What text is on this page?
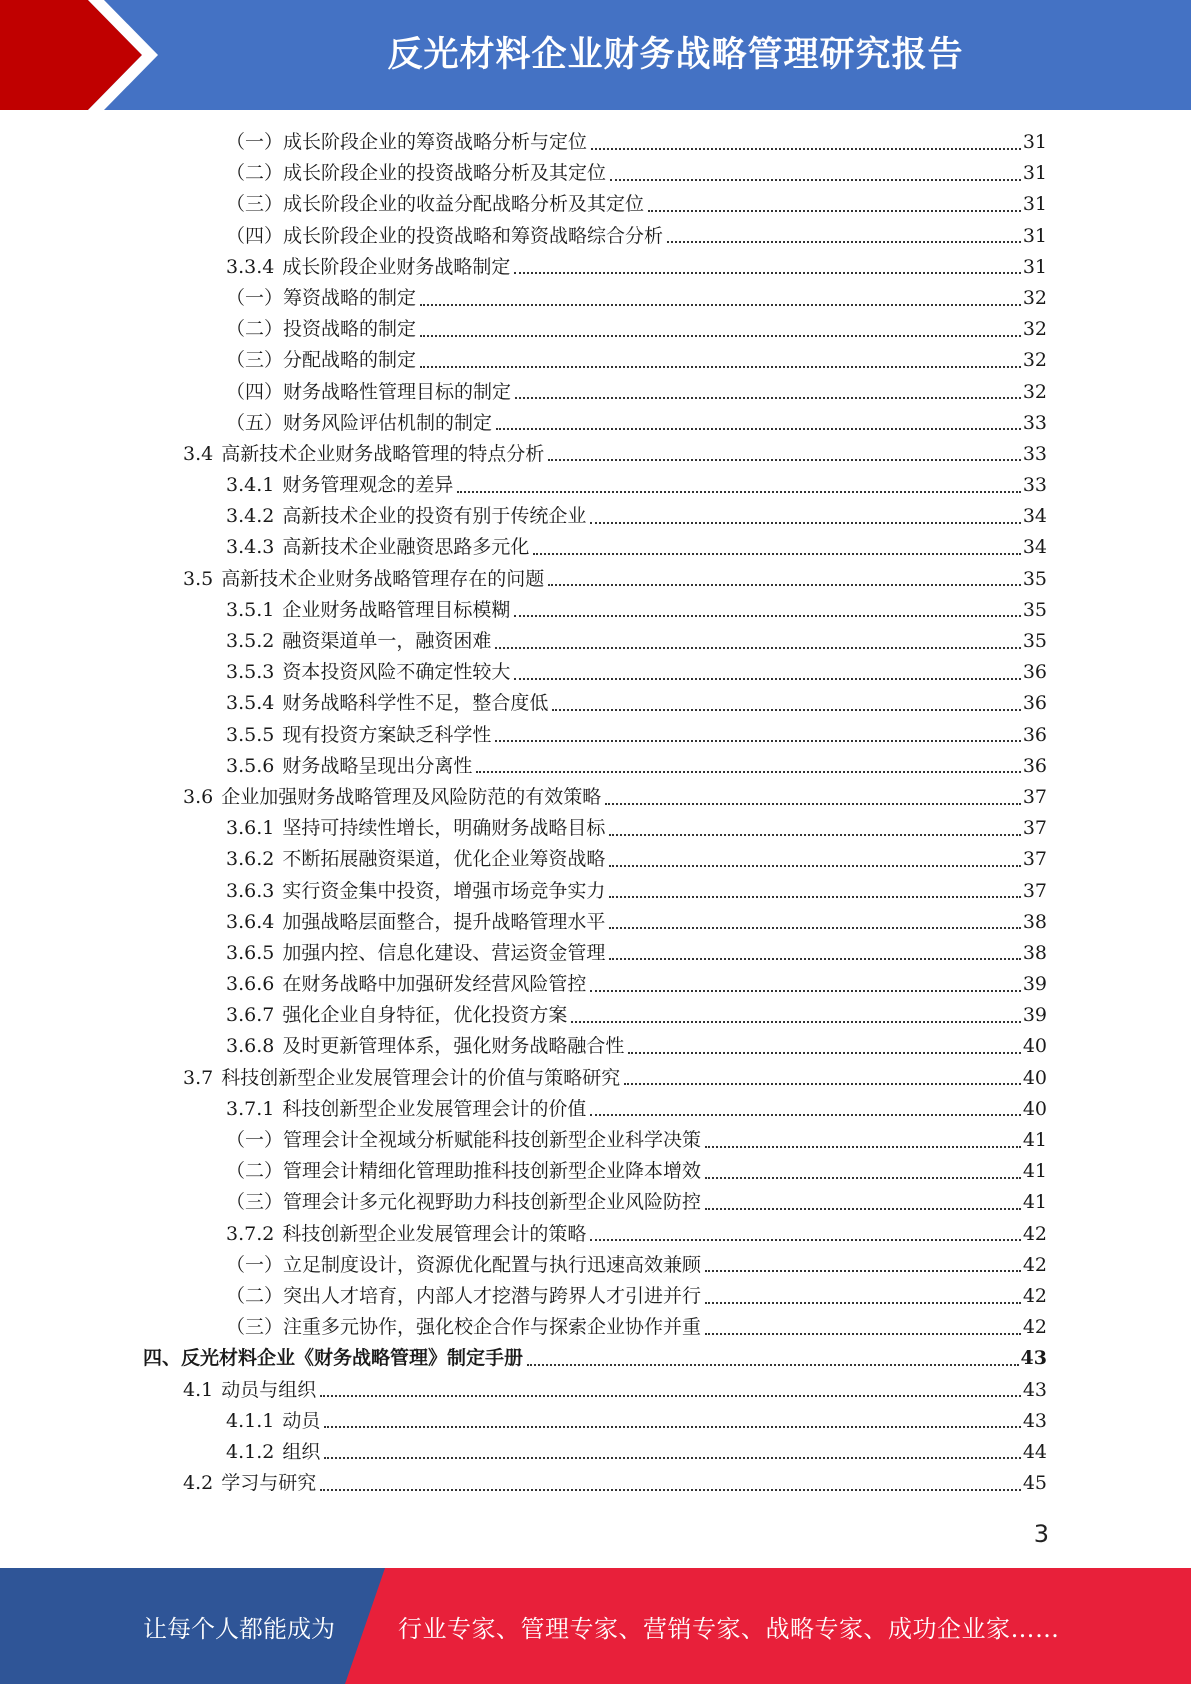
反光材料企业财务战略管理研究报告
（一）成长阶段企业的筹资战略分析与定位	31
（二）成长阶段企业的投资战略分析及其定位	31
（三）成长阶段企业的收益分配战略分析及其定位	31
（四）成长阶段企业的投资战略和筹资战略综合分析	31
3.3.4 成长阶段企业财务战略制定	31
（一）筹资战略的制定	32
（二）投资战略的制定	32
（三）分配战略的制定	32
（四）财务战略性管理目标的制定	32
（五）财务风险评估机制的制定	33
3.4 高新技术企业财务战略管理的特点分析	33
3.4.1 财务管理观念的差异	33
3.4.2 高新技术企业的投资有别于传统企业	34
3.4.3 高新技术企业融资思路多元化	34
3.5 高新技术企业财务战略管理存在的问题	35
3.5.1 企业财务战略管理目标模糊	35
3.5.2 融资渠道单一，融资困难	35
3.5.3 资本投资风险不确定性较大	36
3.5.4 财务战略科学性不足，整合度低	36
3.5.5 现有投资方案缺乏科学性	36
3.5.6 财务战略呈现出分离性	36
3.6 企业加强财务战略管理及风险防范的有效策略	37
3.6.1 坚持可持续性增长，明确财务战略目标	37
3.6.2 不断拓展融资渠道，优化企业筹资战略	37
3.6.3 实行资金集中投资，增强市场竞争实力	37
3.6.4 加强战略层面整合，提升战略管理水平	38
3.6.5 加强内控、信息化建设、营运资金管理	38
3.6.6 在财务战略中加强研发经营风险管控	39
3.6.7 强化企业自身特征，优化投资方案	39
3.6.8 及时更新管理体系，强化财务战略融合性	40
3.7 科技创新型企业发展管理会计的价值与策略研究	40
3.7.1 科技创新型企业发展管理会计的价值	40
（一）管理会计全视域分析赋能科技创新型企业科学决策	41
（二）管理会计精细化管理助推科技创新型企业降本增效	41
（三）管理会计多元化视野助力科技创新型企业风险防控	41
3.7.2 科技创新型企业发展管理会计的策略	42
（一）立足制度设计，资源优化配置与执行迅速高效兼顾	42
（二）突出人才培育，内部人才挖潜与跨界人才引进并行	42
（三）注重多元协作，强化校企合作与探索企业协作并重	42
四、反光材料企业《财务战略管理》制定手册	43
4.1 动员与组织	43
4.1.1 动员	43
4.1.2 组织	44
4.2 学习与研究	45
3
让每个人都能成为	行业专家、管理专家、营销专家、战略专家、成功企业家……
